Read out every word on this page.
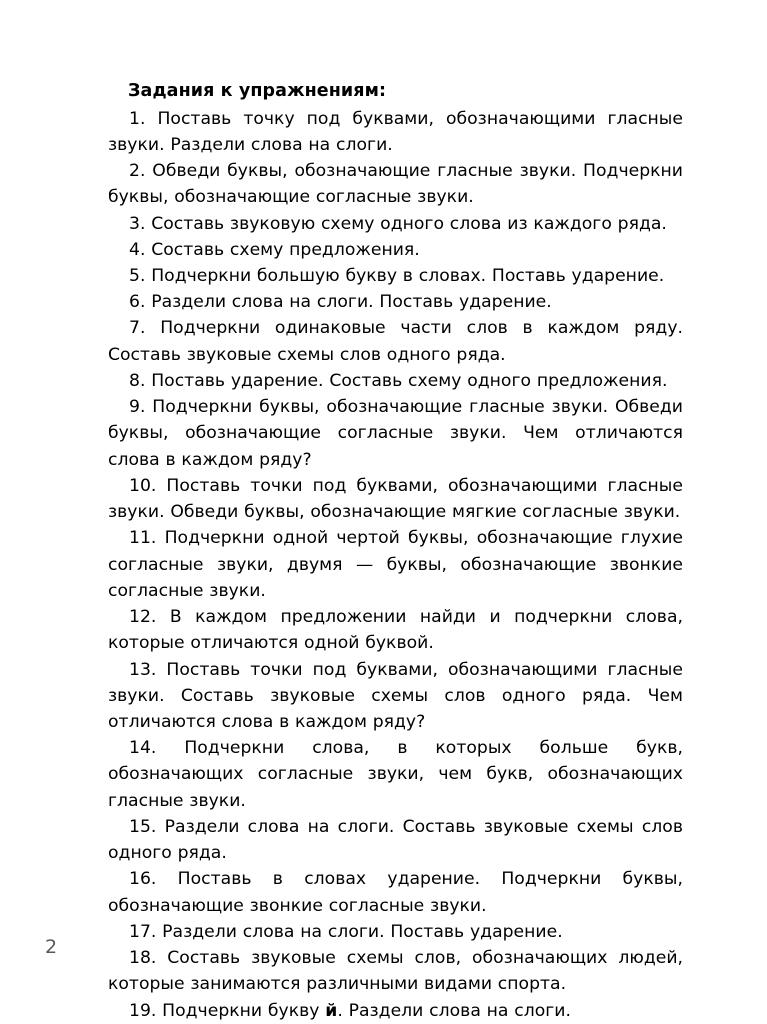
Задания к упражнениям:

1. Поставь точку под буквами, обозначающими гласные звуки. Раздели слова на слоги.

2. Обведи буквы, обозначающие гласные звуки. Подчеркни буквы, обозначающие согласные звуки.

3. Составь звуковую схему одного слова из каждого ряда.

4. Составь схему предложения.

5. Подчеркни большую букву в словах. Поставь ударение.

6. Раздели слова на слоги. Поставь ударение.

7. Подчеркни одинаковые части слов в каждом ряду. Составь звуковые схемы слов одного ряда.

8. Поставь ударение. Составь схему одного предложения.

9. Подчеркни буквы, обозначающие гласные звуки. Обведи буквы, обозначающие согласные звуки. Чем отличаются слова в каждом ряду?

10. Поставь точки под буквами, обозначающими гласные звуки. Обведи буквы, обозначающие мягкие согласные звуки.

11. Подчеркни одной чертой буквы, обозначающие глухие согласные звуки, двумя — буквы, обозначающие звонкие согласные звуки.

12. В каждом предложении найди и подчеркни слова, которые отличаются одной буквой.

13. Поставь точки под буквами, обозначающими гласные звуки. Составь звуковые схемы слов одного ряда. Чем отличаются слова в каждом ряду?

14. Подчеркни слова, в которых больше букв, обозначающих согласные звуки, чем букв, обозначающих гласные звуки.

15. Раздели слова на слоги. Составь звуковые схемы слов одного ряда.

16. Поставь в словах ударение. Подчеркни буквы, обозначающие звонкие согласные звуки.

17. Раздели слова на слоги. Поставь ударение.

18. Составь звуковые схемы слов, обозначающих людей, которые занимаются различными видами спорта.

19. Подчеркни букву й. Раздели слова на слоги.

2
